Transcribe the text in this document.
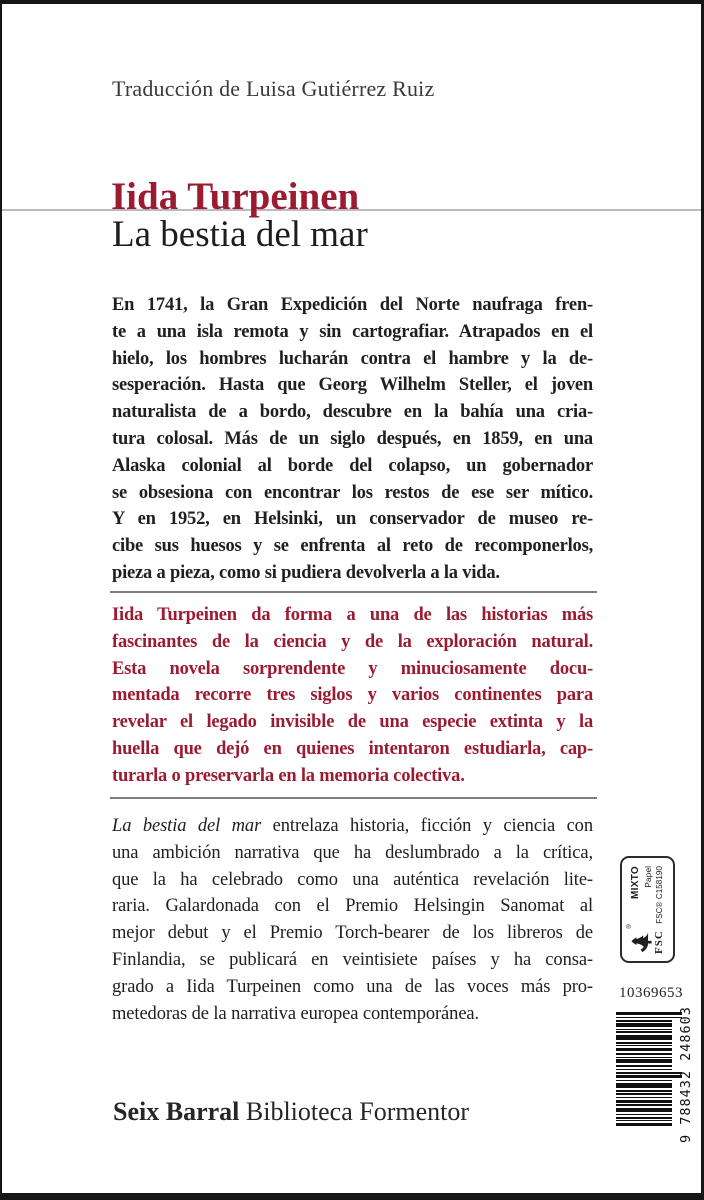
Traducción de Luisa Gutiérrez Ruiz
Iida Turpeinen
La bestia del mar
En 1741, la Gran Expedición del Norte naufraga fren-
te a una isla remota y sin cartografiar. Atrapados en el
hielo, los hombres lucharán contra el hambre y la de-
sesperación. Hasta que Georg Wilhelm Steller, el joven
naturalista de a bordo, descubre en la bahía una cria-
tura colosal. Más de un siglo después, en 1859, en una
Alaska colonial al borde del colapso, un gobernador
se obsesiona con encontrar los restos de ese ser mítico.
Y en 1952, en Helsinki, un conservador de museo re-
cibe sus huesos y se enfrenta al reto de recomponerlos,
pieza a pieza, como si pudiera devolverla a la vida.
Iida Turpeinen da forma a una de las historias más
fascinantes de la ciencia y de la exploración natural.
Esta novela sorprendente y minuciosamente docu-
mentada recorre tres siglos y varios continentes para
revelar el legado invisible de una especie extinta y la
huella que dejó en quienes intentaron estudiarla, cap-
turarla o preservarla en la memoria colectiva.
La bestia del mar entrelaza historia, ficción y ciencia con
una ambición narrativa que ha deslumbrado a la crítica,
que la ha celebrado como una auténtica revelación lite-
raria. Galardonada con el Premio Helsingin Sanomat al
mejor debut y el Premio Torch-bearer de los libreros de
Finlandia, se publicará en veintisiete países y ha consa-
grado a Iida Turpeinen como una de las voces más pro-
metedoras de la narrativa europea contemporánea.
Seix Barral Biblioteca Formentor
®
FSC
MIXTO Papel FSC® C158190
10369653
9 788432 248603
